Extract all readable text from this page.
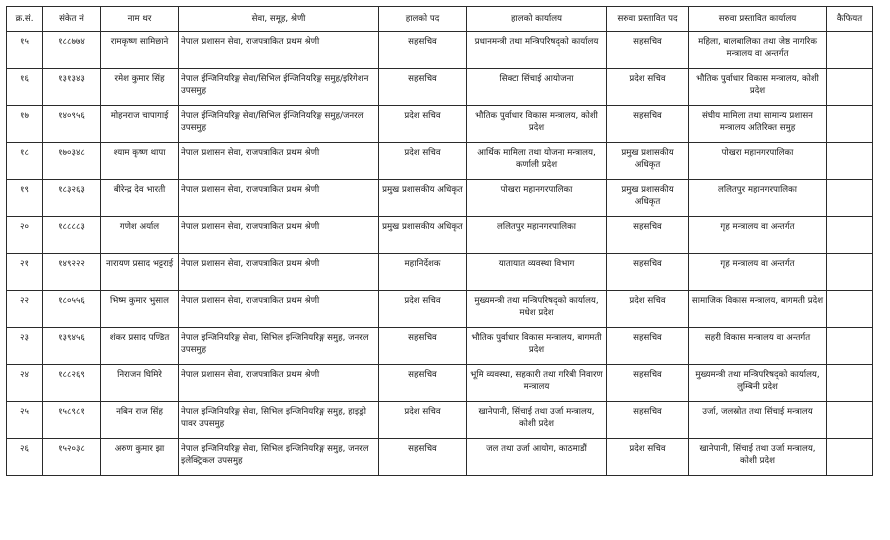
क्र.सं.	संकेत नं	नाम थर	सेवा, समूह, श्रेणी	हालको पद	हालको कार्यालय	सरुवा प्रस्तावित पद	सरुवा प्रस्तावित कार्यालय	कैफियत
१५	१८८७७४	रामकृष्ण सामिछाने	नेपाल प्रशासन सेवा, राजपत्राकित प्रथम श्रेणी	सहसचिव	प्रधानमन्त्री तथा मन्त्रिपरिषद्को कार्यालय	सहसचिव	महिला, बालबालिका तथा जेष्ठ नागरिक मन्त्रालय वा अन्तर्गत	
१६	१३१३४३	रमेश कुमार सिंह	नेपाल ईन्जिनियरिङ्ग सेवा/सिभिल ईन्जिनियरिङ्ग समुह/इरिगेशन उपसमुह	सहसचिव	सिक्टा सिंचाई आयोजना	प्रदेश सचिव	भौतिक पुर्वाधार विकास मन्त्रालय, कोशी प्रदेश	
१७	१४०९५६	मोहनराज चापागाई	नेपाल ईन्जिनियरिङ्ग सेवा/सिभिल ईन्जिनियरिङ्ग समुह/जनरल उपसमुह	प्रदेश सचिव	भौतिक पुर्वाधार विकास मन्त्रालय, कोशी प्रदेश	सहसचिव	संघीय मामिला तथा सामान्य प्रशासन मन्त्रालय अतिरिक्त समुह	
१८	१७०३४८	श्याम कृष्ण थापा	नेपाल प्रशासन सेवा, राजपत्राकित प्रथम श्रेणी	प्रदेश सचिव	आर्थिक मामिला तथा योजना मन्त्रालय, कर्णाली प्रदेश	प्रमुख प्रशासकीय अधिकृत	पोखरा महानगरपालिका	
१९	१८३२६३	बीरेन्द्र देव भारती	नेपाल प्रशासन सेवा, राजपत्राकित प्रथम श्रेणी	प्रमुख प्रशासकीय अधिकृत	पोखरा महानगरपालिका	प्रमुख प्रशासकीय अधिकृत	ललितपुर महानगरपालिका	
२०	१८८८८३	गणेश अर्याल	नेपाल प्रशासन सेवा, राजपत्राकित प्रथम श्रेणी	प्रमुख प्रशासकीय अधिकृत	ललितपुर महानगरपालिका	सहसचिव	गृह मन्त्रालय वा अन्तर्गत	
२१	१४९२२२	नारायण प्रसाद भट्टराई	नेपाल प्रशासन सेवा, राजपत्राकित प्रथम श्रेणी	महानिर्देशक	यातायात व्यवस्था विभाग	सहसचिव	गृह मन्त्रालय वा अन्तर्गत	
२२	१८०५५६	भिष्म कुमार भुसाल	नेपाल प्रशासन सेवा, राजपत्राकित प्रथम श्रेणी	प्रदेश सचिव	मुख्यमन्त्री तथा मन्त्रिपरिषद्को कार्यालय, मधेश प्रदेश	प्रदेश सचिव	सामाजिक विकास मन्त्रालय, बागमती प्रदेश	
२३	१३९४५६	शंकर प्रसाद पण्डित	नेपाल इन्जिनियरिङ्ग सेवा, सिभिल इन्जिनियरिङ्ग समुह, जनरल उपसमुह	सहसचिव	भौतिक पुर्वाधार विकास मन्त्रालय, बागमती प्रदेश	सहसचिव	सहरी विकास मन्त्रालय वा अन्तर्गत	
२४	१८८२६९	निराजन घिमिरे	नेपाल प्रशासन सेवा, राजपत्राकित प्रथम श्रेणी	सहसचिव	भूमि व्यवस्था, सहकारी तथा गरिबी निवारण मन्त्रालय	सहसचिव	मुख्यमन्त्री तथा मन्त्रिपरिषद्को कार्यालय, लुम्बिनी प्रदेश	
२५	१५८९८१	नबिन राज सिंह	नेपाल इन्जिनियरिङ्ग सेवा, सिभिल इन्जिनियरिङ्ग समुह, हाइड्रो पावर उपसमुह	प्रदेश सचिव	खानेपानी, सिंचाई तथा उर्जा मन्त्रालय, कोशी प्रदेश	सहसचिव	उर्जा, जलस्रोत तथा सिंचाई मन्त्रालय	
२६	१५२०३८	अरुण कुमार झा	नेपाल इन्जिनियरिङ्ग सेवा, सिभिल इन्जिनियरिङ्ग समुह, जनरल इलेक्ट्रिकल उपसमुह	सहसचिव	जल तथा उर्जा आयोग, काठमाडौं	प्रदेश सचिव	खानेपानी, सिंचाई तथा उर्जा मन्त्रालय, कोशी प्रदेश	
